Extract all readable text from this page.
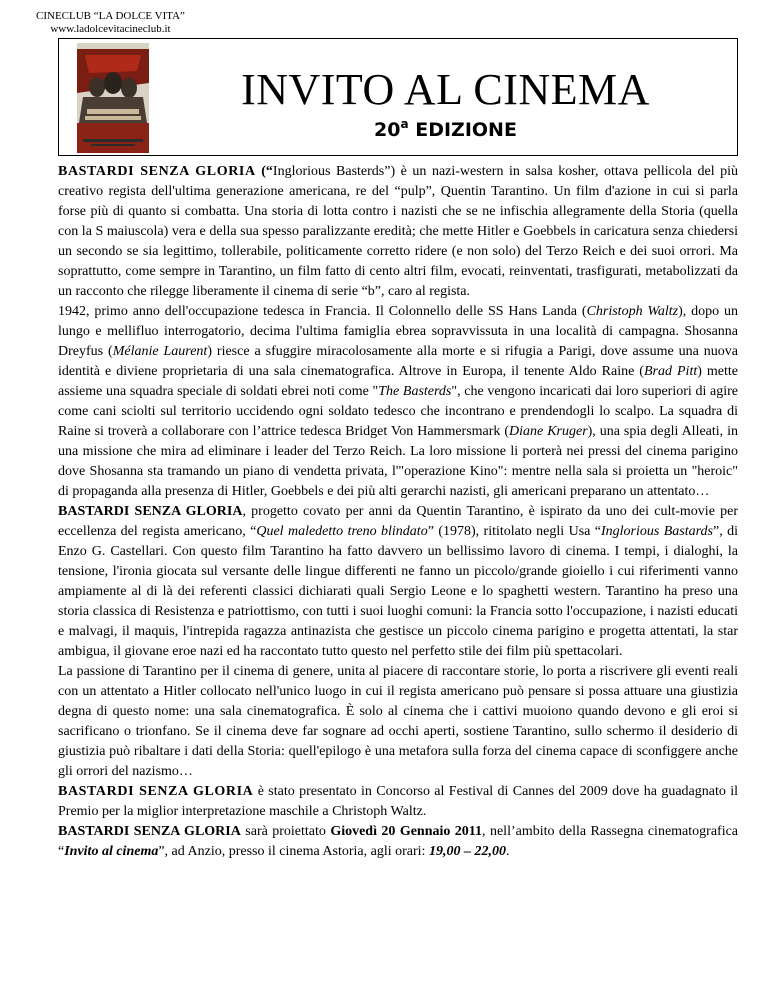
CINECLUB “LA DOLCE VITA”
www.ladolcevitacineclub.it
INVITO AL CINEMA
20$^a$ EDIZIONE

BASTARDI SENZA GLORIA (“Inglorious Basterds”) è un nazi-western in salsa kosher, ottava pellicola del più creativo regista dell'ultima generazione americana, re del “pulp”, Quentin Tarantino. Un film d'azione in cui si parla forse più di quanto si combatta. Una storia di lotta contro i nazisti che se ne infischia allegramente della Storia (quella con la S maiuscola) vera e della sua spesso paralizzante eredità; che mette Hitler e Goebbels in caricatura senza chiedersi un secondo se sia legittimo, tollerabile, politicamente corretto ridere (e non solo) del Terzo Reich e dei suoi orrori. Ma soprattutto, come sempre in Tarantino, un film fatto di cento altri film, evocati, reinventati, trasfigurati, metabolizzati da un racconto che rilegge liberamente il cinema di serie “b”, caro al regista.

1942, primo anno dell'occupazione tedesca in Francia. Il Colonnello delle SS Hans Landa (Christoph Waltz), dopo un lungo e mellifluo interrogatorio, decima l'ultima famiglia ebrea sopravvissuta in una località di campagna. Shosanna Dreyfus (Mélanie Laurent) riesce a sfuggire miracolosamente alla morte e si rifugia a Parigi, dove assume una nuova identità e diviene proprietaria di una sala cinematografica. Altrove in Europa, il tenente Aldo Raine (Brad Pitt) mette assieme una squadra speciale di soldati ebrei noti come "The Basterds", che vengono incaricati dai loro superiori di agire come cani sciolti sul territorio uccidendo ogni soldato tedesco che incontrano e prendendogli lo scalpo. La squadra di Raine si troverà a collaborare con l’attrice tedesca Bridget Von Hammersmark (Diane Kruger), una spia degli Alleati, in una missione che mira ad eliminare i leader del Terzo Reich. La loro missione li porterà nei pressi del cinema parigino dove Shosanna sta tramando un piano di vendetta privata, l'"operazione Kino": mentre nella sala si proietta un "heroic" di propaganda alla presenza di Hitler, Goebbels e dei più alti gerarchi nazisti, gli americani preparano un attentato…

BASTARDI SENZA GLORIA, progetto covato per anni da Quentin Tarantino, è ispirato da uno dei cult-movie per eccellenza del regista americano, “Quel maledetto treno blindato” (1978), ritit​olato negli Usa “Inglorious Bastards”, di Enzo G. Castellari. Con questo film Tarantino ha fatto davvero un bellissimo lavoro di cinema. I tempi, i dialoghi, la tensione, l'ironia giocata sul versante delle lingue differenti ne fanno un piccolo/grande gioiello i cui riferimenti vanno ampiamente al di là dei referenti classici dichiarati quali Sergio Leone e lo spaghetti western. Tarantino ha preso una storia classica di Resistenza e patriottismo, con tutti i suoi luoghi comuni: la Francia sotto l'occupazione, i nazisti educati e malvagi, il maquis, l'intrepida ragazza antinazista che gestisce un piccolo cinema parigino e progetta attentati, la star ambigua, il giovane eroe nazi ed ha raccontato tutto questo nel perfetto stile dei film più spettacolari.

La passione di Tarantino per il cinema di genere, unita al piacere di raccontare storie, lo porta a riscrivere gli eventi reali con un attentato a Hitler collocato nell'unico luogo in cui il regista americano può pensare si possa attuare una giustizia degna di questo nome: una sala cinematografica. È solo al cinema che i cattivi muoiono quando devono e gli eroi si sacrificano o trionfano. Se il cinema deve far sognare ad occhi aperti, sostiene Tarantino, sullo schermo il desiderio di giustizia può ribaltare i dati della Storia: quell'epilogo è una metafora sulla forza del cinema capace di sconfiggere anche gli orrori del nazismo…

BASTARDI SENZA GLORIA è stato presentato in Concorso al Festival di Cannes del 2009 dove ha guadagnato il Premio per la miglior interpretazione maschile a Christoph Waltz.

BASTARDI SENZA GLORIA sarà proiettato Giovedì 20 Gennaio 2011, nell’ambito della Rassegna cinematografica “Invito al cinema”, ad Anzio, presso il cinema Astoria, agli orari: 19,00 – 22,00.
